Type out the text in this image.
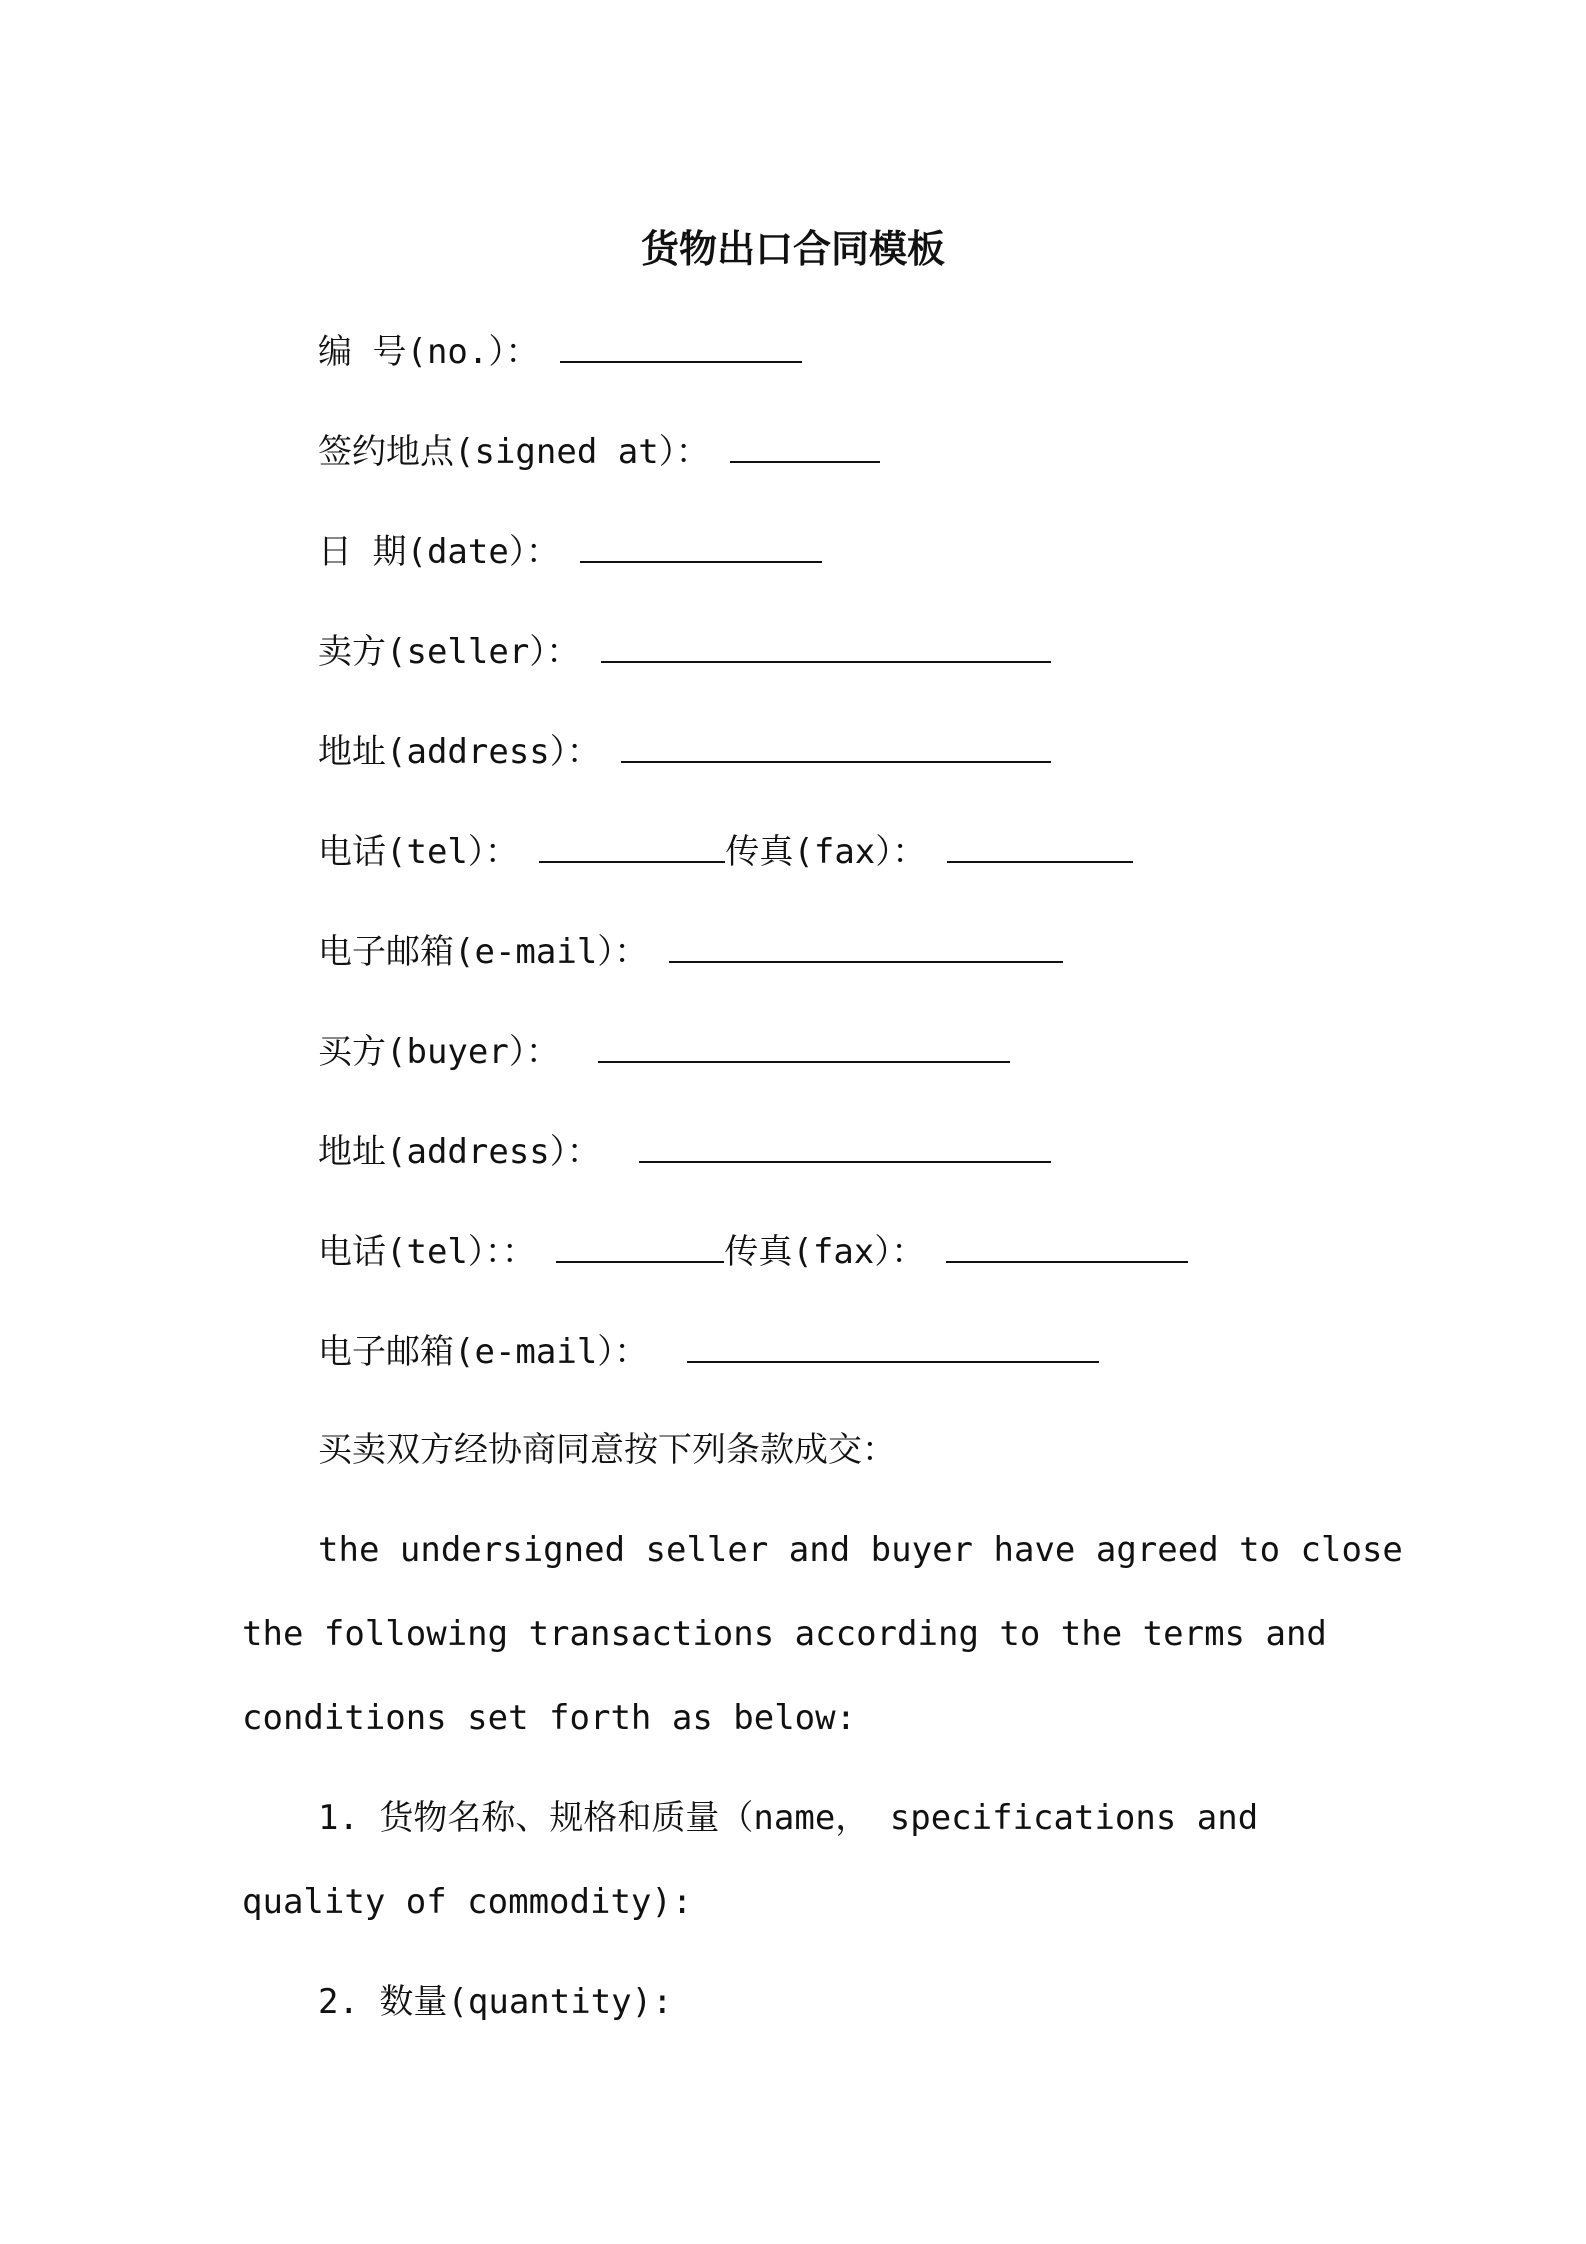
货物出口合同模板
编 号(no.）：
签约地点(signed at）：
日 期(date）：
卖方(seller）：
地址(address）：
电话(tel）：	传真(fax）：
电子邮箱(e-mail）：
买方(buyer）：
地址(address）：
电话(tel）：：	传真(fax）：
电子邮箱(e-mail）：
买卖双方经协商同意按下列条款成交：
the undersigned seller and buyer have agreed to close
the following transactions according to the terms and
conditions set forth as below:
1. 货物名称、规格和质量（name， specifications and
quality of commodity):
2. 数量(quantity):
